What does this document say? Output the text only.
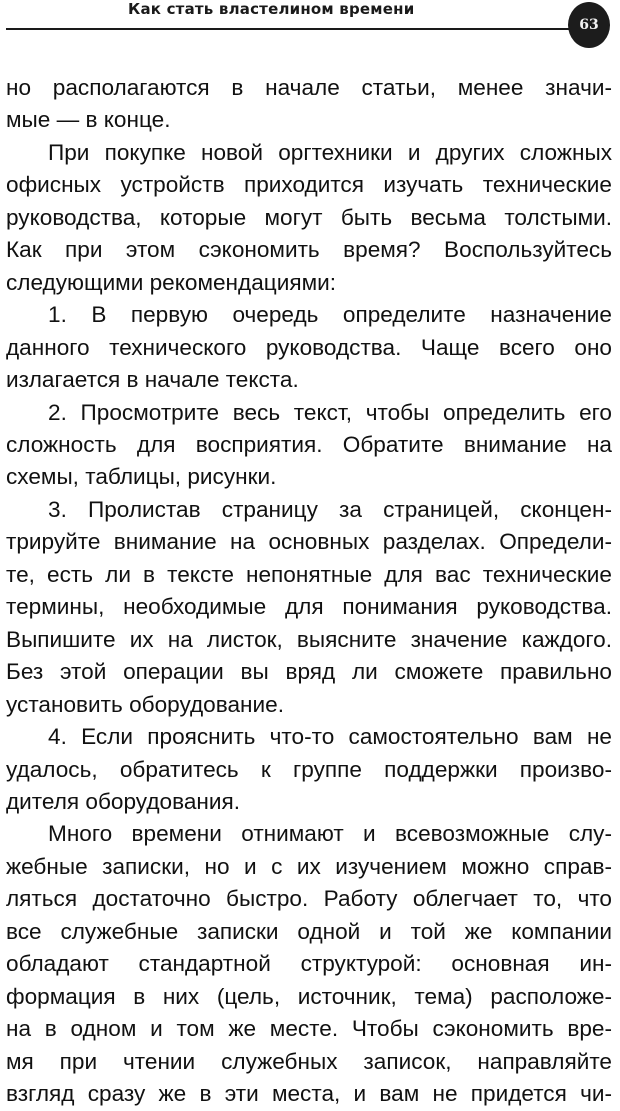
Как стать властелином времени
63

но располагаются в начале статьи, менее значи-
мые — в конце.

При покупке новой оргтехники и других сложных
офисных устройств приходится изучать технические
руководства, которые могут быть весьма толстыми.
Как при этом сэкономить время? Воспользуйтесь
следующими рекомендациями:

1. В первую очередь определите назначение
данного технического руководства. Чаще всего оно
излагается в начале текста.

2. Просмотрите весь текст, чтобы определить его
сложность для восприятия. Обратите внимание на
схемы, таблицы, рисунки.

3. Пролистав страницу за страницей, сконцен-
трируйте внимание на основных разделах. Определи-
те, есть ли в тексте непонятные для вас технические
термины, необходимые для понимания руководства.
Выпишите их на листок, выясните значение каждого.
Без этой операции вы вряд ли сможете правильно
установить оборудование.

4. Если прояснить что-то самостоятельно вам не
удалось, обратитесь к группе поддержки произво-
дителя оборудования.

Много времени отнимают и всевозможные слу-
жебные записки, но и с их изучением можно справ-
ляться достаточно быстро. Работу облегчает то, что
все служебные записки одной и той же компании
обладают стандартной структурой: основная ин-
формация в них (цель, источник, тема) расположе-
на в одном и том же месте. Чтобы сэкономить вре-
мя при чтении служебных записок, направляйте
взгляд сразу же в эти места, и вам не придется чи-
